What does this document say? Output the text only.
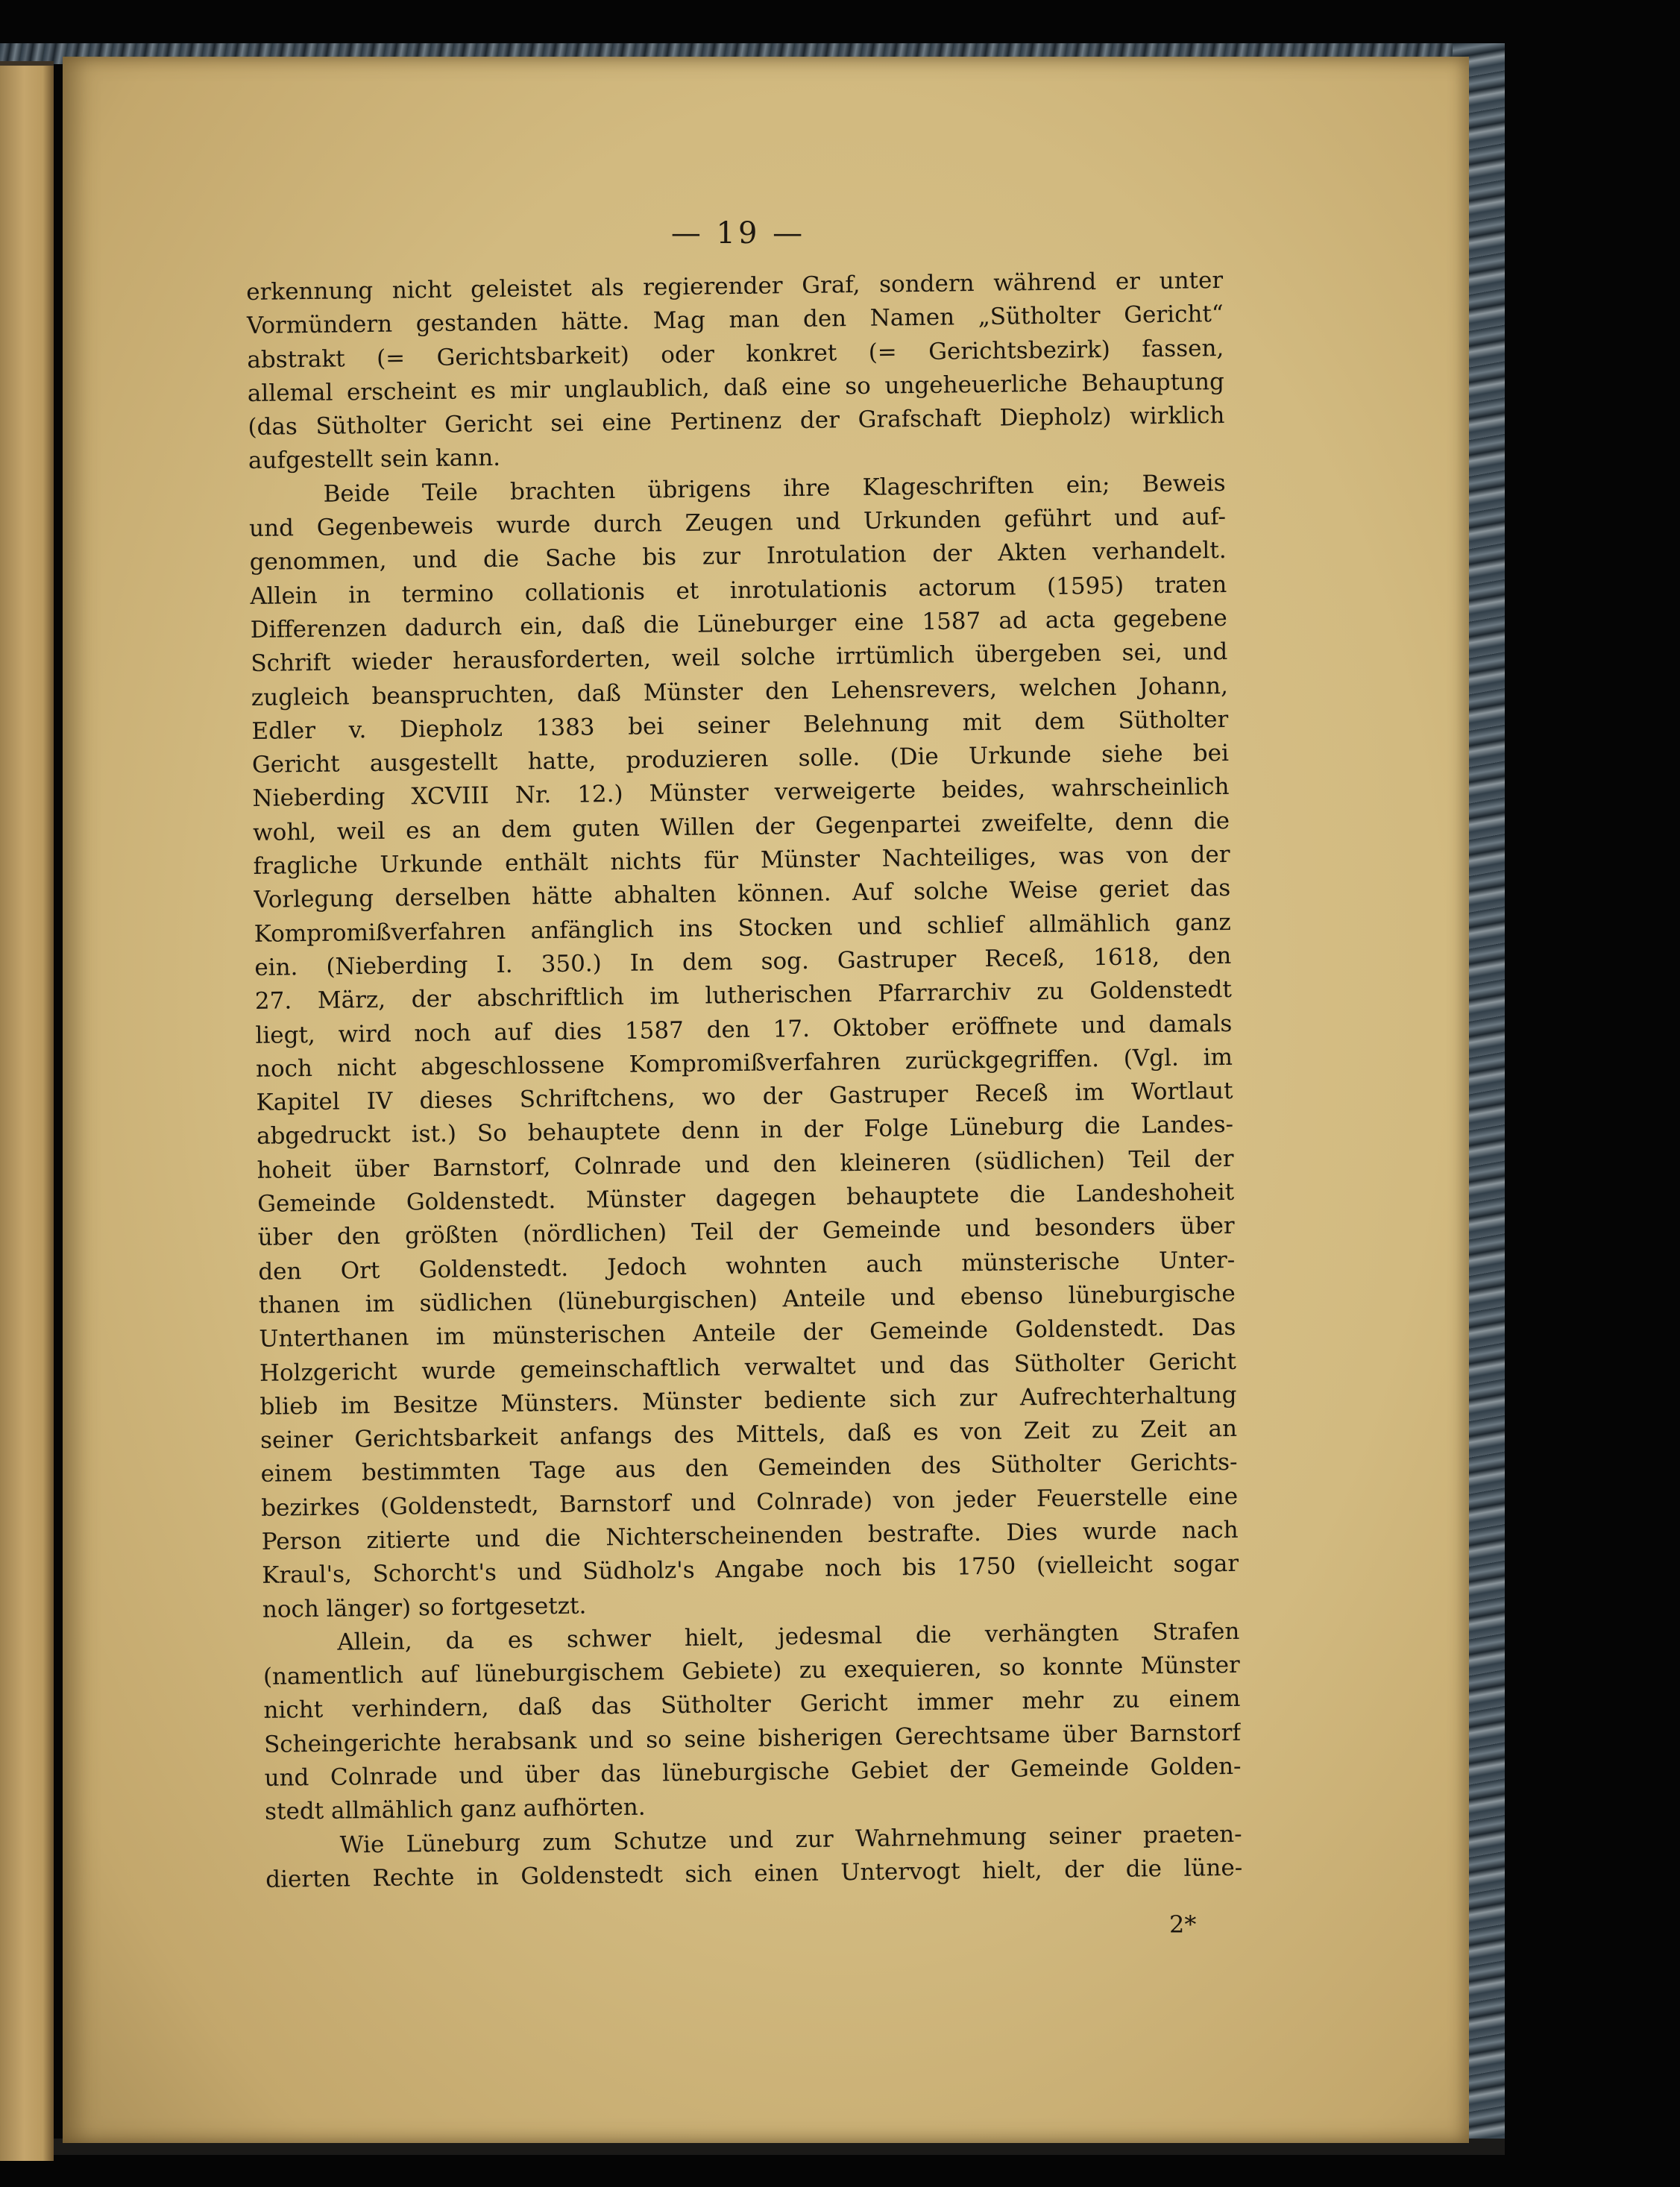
— 19 —
erkennung nicht geleistet als regierender Graf, sondern während er unter
Vormündern gestanden hätte. Mag man den Namen „Sütholter Gericht“
abstrakt (= Gerichtsbarkeit) oder konkret (= Gerichtsbezirk) fassen,
allemal erscheint es mir unglaublich, daß eine so ungeheuerliche Behauptung
(das Sütholter Gericht sei eine Pertinenz der Grafschaft Diepholz) wirklich
aufgestellt sein kann.
Beide Teile brachten übrigens ihre Klageschriften ein; Beweis
und Gegenbeweis wurde durch Zeugen und Urkunden geführt und auf-
genommen, und die Sache bis zur Inrotulation der Akten verhandelt.
Allein in termino collationis et inrotulationis actorum (1595) traten
Differenzen dadurch ein, daß die Lüneburger eine 1587 ad acta gegebene
Schrift wieder herausforderten, weil solche irrtümlich übergeben sei, und
zugleich beanspruchten, daß Münster den Lehensrevers, welchen Johann,
Edler v. Diepholz 1383 bei seiner Belehnung mit dem Sütholter
Gericht ausgestellt hatte, produzieren solle. (Die Urkunde siehe bei
Nieberding XCVIII Nr. 12.) Münster verweigerte beides, wahrscheinlich
wohl, weil es an dem guten Willen der Gegenpartei zweifelte, denn die
fragliche Urkunde enthält nichts für Münster Nachteiliges, was von der
Vorlegung derselben hätte abhalten können. Auf solche Weise geriet das
Kompromißverfahren anfänglich ins Stocken und schlief allmählich ganz
ein. (Nieberding I. 350.) In dem sog. Gastruper Receß, 1618, den
27. März, der abschriftlich im lutherischen Pfarrarchiv zu Goldenstedt
liegt, wird noch auf dies 1587 den 17. Oktober eröffnete und damals
noch nicht abgeschlossene Kompromißverfahren zurückgegriffen. (Vgl. im
Kapitel IV dieses Schriftchens, wo der Gastruper Receß im Wortlaut
abgedruckt ist.) So behauptete denn in der Folge Lüneburg die Landes-
hoheit über Barnstorf, Colnrade und den kleineren (südlichen) Teil der
Gemeinde Goldenstedt. Münster dagegen behauptete die Landeshoheit
über den größten (nördlichen) Teil der Gemeinde und besonders über
den Ort Goldenstedt. Jedoch wohnten auch münsterische Unter-
thanen im südlichen (lüneburgischen) Anteile und ebenso lüneburgische
Unterthanen im münsterischen Anteile der Gemeinde Goldenstedt. Das
Holzgericht wurde gemeinschaftlich verwaltet und das Sütholter Gericht
blieb im Besitze Münsters. Münster bediente sich zur Aufrechterhaltung
seiner Gerichtsbarkeit anfangs des Mittels, daß es von Zeit zu Zeit an
einem bestimmten Tage aus den Gemeinden des Sütholter Gerichts-
bezirkes (Goldenstedt, Barnstorf und Colnrade) von jeder Feuerstelle eine
Person zitierte und die Nichterscheinenden bestrafte. Dies wurde nach
Kraul's, Schorcht's und Südholz's Angabe noch bis 1750 (vielleicht sogar
noch länger) so fortgesetzt.
Allein, da es schwer hielt, jedesmal die verhängten Strafen
(namentlich auf lüneburgischem Gebiete) zu exequieren, so konnte Münster
nicht verhindern, daß das Sütholter Gericht immer mehr zu einem
Scheingerichte herabsank und so seine bisherigen Gerechtsame über Barnstorf
und Colnrade und über das lüneburgische Gebiet der Gemeinde Golden-
stedt allmählich ganz aufhörten.
Wie Lüneburg zum Schutze und zur Wahrnehmung seiner praeten-
dierten Rechte in Goldenstedt sich einen Untervogt hielt, der die lüne-
2*
